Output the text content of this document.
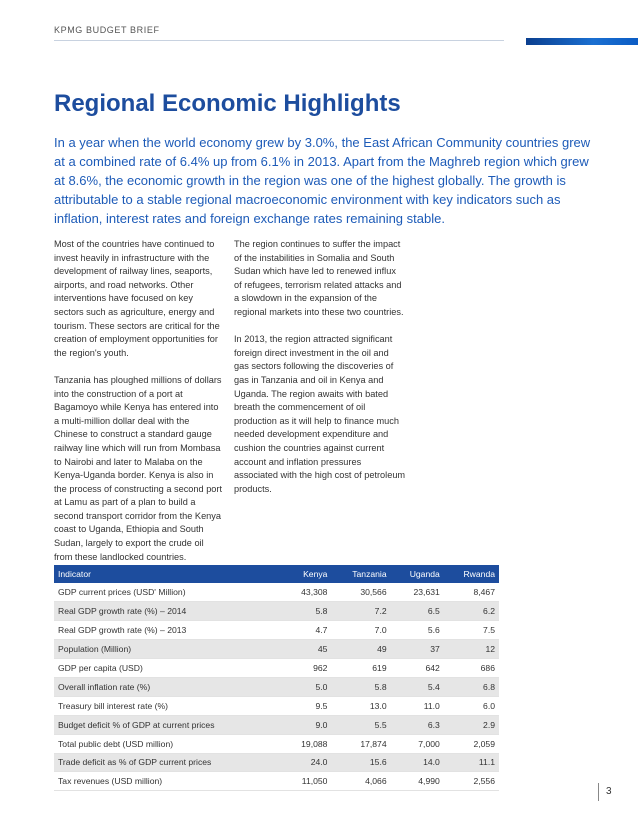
KPMG BUDGET BRIEF
Regional Economic Highlights

In a year when the world economy grew by 3.0%, the East African Community countries grew at a combined rate of 6.4% up from 6.1% in 2013. Apart from the Maghreb region which grew at 8.6%, the economic growth in the region was one of the highest globally. The growth is attributable to a stable regional macroeconomic environment with key indicators such as inflation, interest rates and foreign exchange rates remaining stable.

Most of the countries have continued to invest heavily in infrastructure with the development of railway lines, seaports, airports, and road networks. Other interventions have focused on key sectors such as agriculture, energy and tourism. These sectors are critical for the creation of employment opportunities for the region's youth.

Tanzania has ploughed millions of dollars into the construction of a port at Bagamoyo while Kenya has entered into a multi-million dollar deal with the Chinese to construct a standard gauge railway line which will run from Mombasa to Nairobi and later to Malaba on the Kenya-Uganda border. Kenya is also in the process of constructing a second port at Lamu as part of a plan to build a second transport corridor from the Kenya coast to Uganda, Ethiopia and South Sudan, largely to export the crude oil from these landlocked countries.

The region continues to suffer the impact of the instabilities in Somalia and South Sudan which have led to renewed influx of refugees, terrorism related attacks and a slowdown in the expansion of the regional markets into these two countries.

In 2013, the region attracted significant foreign direct investment in the oil and gas sectors following the discoveries of gas in Tanzania and oil in Kenya and Uganda. The region awaits with bated breath the commencement of oil production as it will help to finance much needed development expenditure and cushion the countries against current account and inflation pressures associated with the high cost of petroleum products.

Indicator	Kenya	Tanzania	Uganda	Rwanda
GDP current prices (USD' Million)	43,308	30,566	23,631	8,467
Real GDP growth rate (%) – 2014	5.8	7.2	6.5	6.2
Real GDP growth rate (%) – 2013	4.7	7.0	5.6	7.5
Population (Million)	45	49	37	12
GDP per capita (USD)	962	619	642	686
Overall inflation rate (%)	5.0	5.8	5.4	6.8
Treasury bill interest rate (%)	9.5	13.0	11.0	6.0
Budget deficit % of GDP at current prices	9.0	5.5	6.3	2.9
Total public debt (USD million)	19,088	17,874	7,000	2,059
Trade deficit as % of GDP current prices	24.0	15.6	14.0	11.1
Tax revenues (USD million)	11,050	4,066	4,990	2,556
3
